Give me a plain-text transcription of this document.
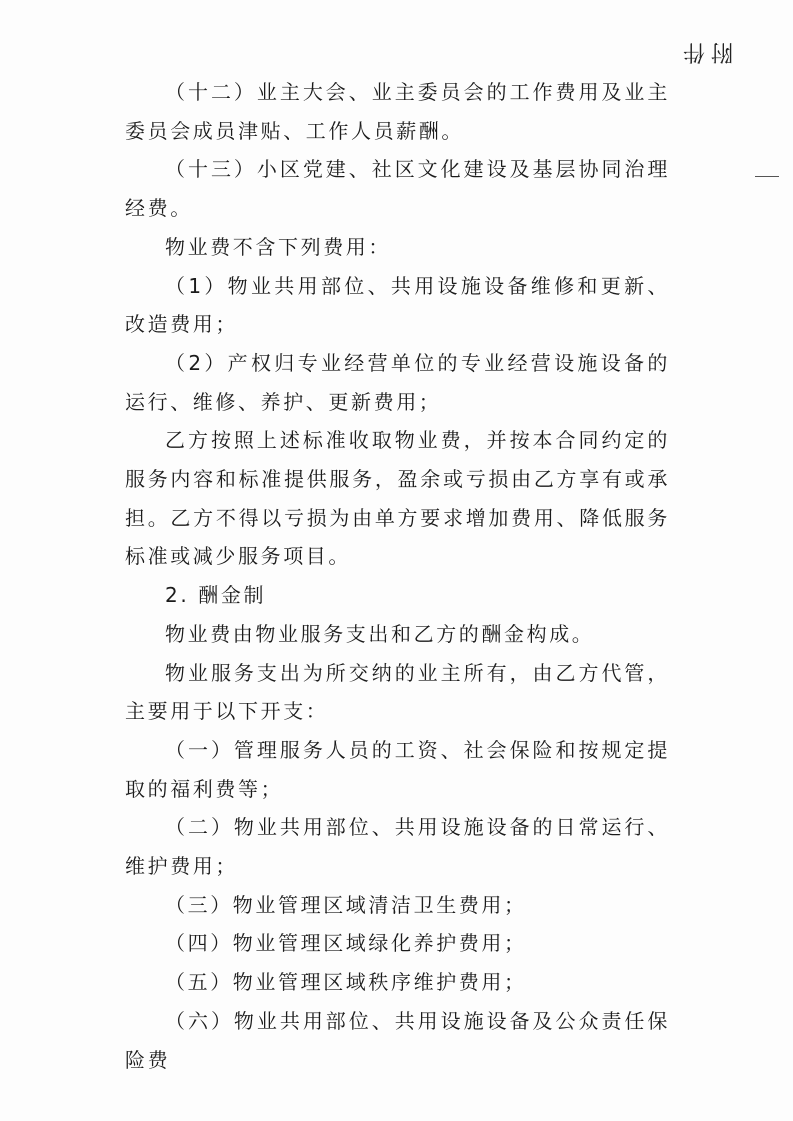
附件

（十二）业主大会、业主委员会的工作费用及业主委员会成员津贴、工作人员薪酬。

（十三）小区党建、社区文化建设及基层协同治理经费。

物业费不含下列费用：

（1）物业共用部位、共用设施设备维修和更新、改造费用；

（2）产权归专业经营单位的专业经营设施设备的运行、维修、养护、更新费用；

乙方按照上述标准收取物业费，并按本合同约定的服务内容和标准提供服务，盈余或亏损由乙方享有或承担。乙方不得以亏损为由单方要求增加费用、降低服务标准或减少服务项目。

2. 酬金制

物业费由物业服务支出和乙方的酬金构成。

物业服务支出为所交纳的业主所有，由乙方代管，主要用于以下开支：

（一）管理服务人员的工资、社会保险和按规定提取的福利费等；

（二）物业共用部位、共用设施设备的日常运行、维护费用；

（三）物业管理区域清洁卫生费用；

（四）物业管理区域绿化养护费用；

（五）物业管理区域秩序维护费用；

（六）物业共用部位、共用设施设备及公众责任保险费
